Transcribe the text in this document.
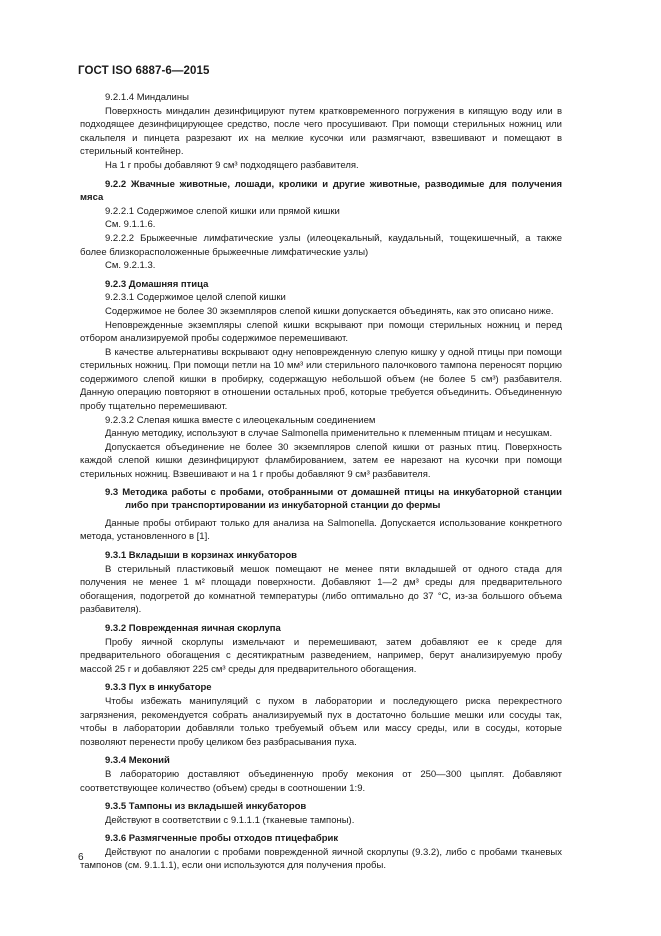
ГОСТ ISO 6887-6—2015

9.2.1.4 Миндалины

Поверхность миндалин дезинфицируют путем кратковременного погружения в кипящую воду или в подходящее дезинфицирующее средство, после чего просушивают. При помощи стерильных ножниц или скальпеля и пинцета разрезают их на мелкие кусочки или размягчают, взвешивают и помещают в стерильный контейнер.

На 1 г пробы добавляют 9 см³ подходящего разбавителя.

9.2.2 Жвачные животные, лошади, кролики и другие животные, разводимые для получения мяса

9.2.2.1 Содержимое слепой кишки или прямой кишки

См. 9.1.1.6.

9.2.2.2 Брыжеечные лимфатические узлы (илеоцекальный, каудальный, тощекишечный, а также более близкорасположенные брыжеечные лимфатические узлы)

См. 9.2.1.3.

9.2.3 Домашняя птица

9.2.3.1 Содержимое целой слепой кишки

Содержимое не более 30 экземпляров слепой кишки допускается объединять, как это описано ниже.

Неповрежденные экземпляры слепой кишки вскрывают при помощи стерильных ножниц и перед отбором анализируемой пробы содержимое перемешивают.

В качестве альтернативы вскрывают одну неповрежденную слепую кишку у одной птицы при помощи стерильных ножниц. При помощи петли на 10 мм³ или стерильного палочкового тампона переносят порцию содержимого слепой кишки в пробирку, содержащую небольшой объем (не более 5 см³) разбавителя. Данную операцию повторяют в отношении остальных проб, которые требуется объединить. Объединенную пробу тщательно перемешивают.

9.2.3.2 Слепая кишка вместе с илеоцекальным соединением

Данную методику, используют в случае Salmonella применительно к племенным птицам и несушкам.

Допускается объединение не более 30 экземпляров слепой кишки от разных птиц. Поверхность каждой слепой кишки дезинфицируют фламбированием, затем ее нарезают на кусочки при помощи стерильных ножниц. Взвешивают и на 1 г пробы добавляют 9 см³ разбавителя.

9.3 Методика работы с пробами, отобранными от домашней птицы на инкубаторной станции либо при транспортировании из инкубаторной станции до фермы

Данные пробы отбирают только для анализа на Salmonella. Допускается использование конкретного метода, установленного в [1].

9.3.1 Вкладыши в корзинах инкубаторов

В стерильный пластиковый мешок помещают не менее пяти вкладышей от одного стада для получения не менее 1 м² площади поверхности. Добавляют 1—2 дм³ среды для предварительного обогащения, подогретой до комнатной температуры (либо оптимально до 37 °С, из-за большого объема разбавителя).

9.3.2 Поврежденная яичная скорлупа

Пробу яичной скорлупы измельчают и перемешивают, затем добавляют ее к среде для предварительного обогащения с десятикратным разведением, например, берут анализируемую пробу массой 25 г и добавляют 225 см³ среды для предварительного обогащения.

9.3.3 Пух в инкубаторе

Чтобы избежать манипуляций с пухом в лаборатории и последующего риска перекрестного загрязнения, рекомендуется собрать анализируемый пух в достаточно большие мешки или сосуды так, чтобы в лаборатории добавляли только требуемый объем или массу среды, или в сосуды, которые позволяют перенести пробу целиком без разбрасывания пуха.

9.3.4 Меконий

В лабораторию доставляют объединенную пробу мекония от 250—300 цыплят. Добавляют соответствующее количество (объем) среды в соотношении 1:9.

9.3.5 Тампоны из вкладышей инкубаторов

Действуют в соответствии с 9.1.1.1 (тканевые тампоны).

9.3.6 Размягченные пробы отходов птицефабрик

Действуют по аналогии с пробами поврежденной яичной скорлупы (9.3.2), либо с пробами тканевых тампонов (см. 9.1.1.1), если они используются для получения пробы.

6
